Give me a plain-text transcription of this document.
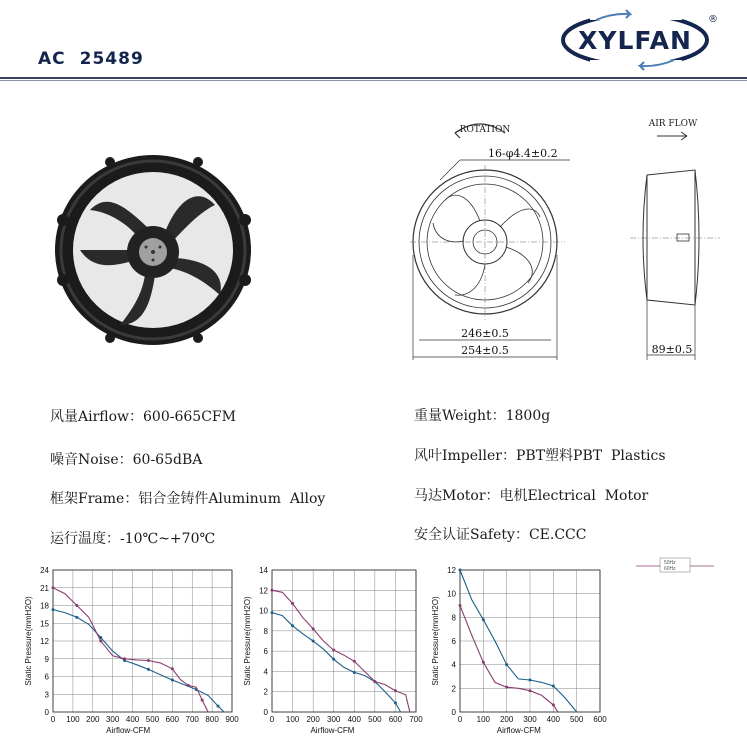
AC 25489
XYLFAN
®
ROTATION
16-φ4.4±0.2
246±0.5
254±0.5
AIR FLOW
89±0.5
风量Airflow：600-665CFM
噪音Noise：60-65dBA
框架Frame：铝合金铸件Aluminum  Alloy
运行温度：-10℃~+70℃
重量Weight：1800g
风叶Impeller：PBT塑料PBT  Plastics
马达Motor：电机Electrical  Motor
安全认证Safety：CE.CCC
50Hz
60Hz
0 100 200 300 400 500 600 700 800 900
0
3
6
9
12
15
18
21
24
Airflow-CFM
Static Pressure(mmH2O)
0 100 200 300 400 500 600 700
0
2
4
6
8
10
12
14
Airflow-CFM
Static Pressure(mmH2O)
0 100 200 300 400 500 600
0
2
4
6
8
10
12
Airflow-CFM
Static Pressure(mmH2O)
